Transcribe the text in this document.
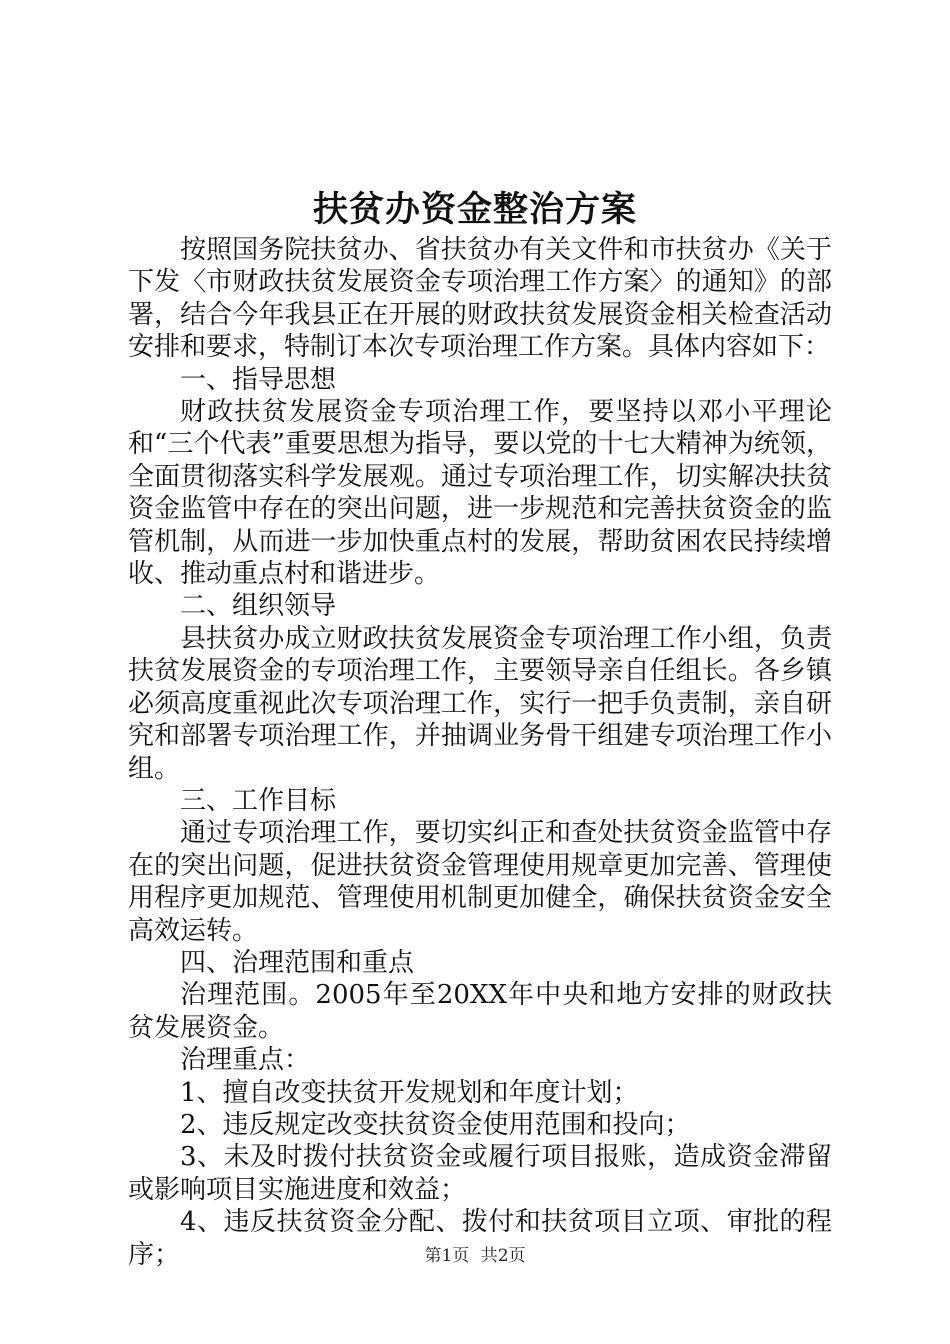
扶贫办资金整治方案

按照国务院扶贫办、省扶贫办有关文件和市扶贫办《关于下发〈市财政扶贫发展资金专项治理工作方案〉的通知》的部署，结合今年我县正在开展的财政扶贫发展资金相关检查活动安排和要求，特制订本次专项治理工作方案。具体内容如下：

一、指导思想

财政扶贫发展资金专项治理工作，要坚持以邓小平理论和“三个代表”重要思想为指导，要以党的十七大精神为统领，全面贯彻落实科学发展观。通过专项治理工作，切实解决扶贫资金监管中存在的突出问题，进一步规范和完善扶贫资金的监管机制，从而进一步加快重点村的发展，帮助贫困农民持续增收、推动重点村和谐进步。

二、组织领导

县扶贫办成立财政扶贫发展资金专项治理工作小组，负责扶贫发展资金的专项治理工作，主要领导亲自任组长。各乡镇必须高度重视此次专项治理工作，实行一把手负责制，亲自研究和部署专项治理工作，并抽调业务骨干组建专项治理工作小组。

三、工作目标

通过专项治理工作，要切实纠正和查处扶贫资金监管中存在的突出问题，促进扶贫资金管理使用规章更加完善、管理使用程序更加规范、管理使用机制更加健全，确保扶贫资金安全高效运转。

四、治理范围和重点

治理范围。2005年至20XX年中央和地方安排的财政扶贫发展资金。

治理重点：

1、擅自改变扶贫开发规划和年度计划；

2、违反规定改变扶贫资金使用范围和投向；

3、未及时拨付扶贫资金或履行项目报账，造成资金滞留或影响项目实施进度和效益；

4、违反扶贫资金分配、拨付和扶贫项目立项、审批的程序；	第1页 共2页
